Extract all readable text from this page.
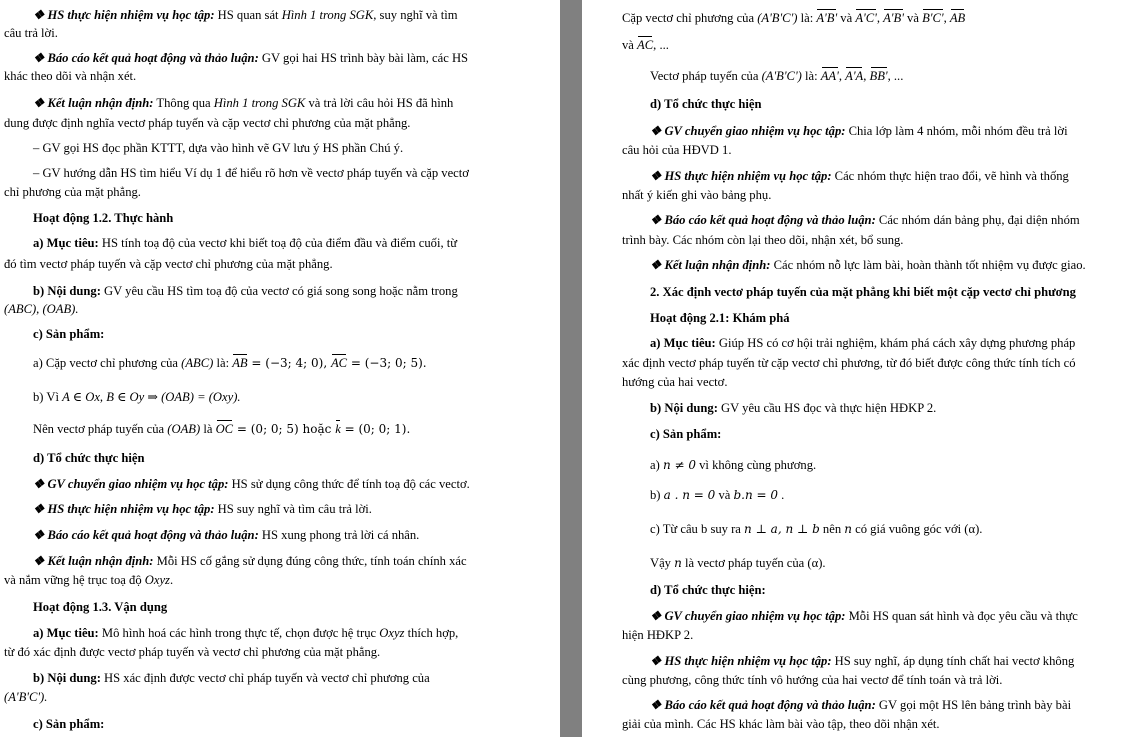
❖ HS thực hiện nhiệm vụ học tập: HS quan sát Hình 1 trong SGK, suy nghĩ và tìm
câu trả lời.
❖ Báo cáo kết quả hoạt động và thảo luận: GV gọi hai HS trình bày bài làm, các HS
khác theo dõi và nhận xét.
❖ Kết luận nhận định: Thông qua Hình 1 trong SGK và trả lời câu hỏi HS đã hình
dung được định nghĩa vectơ pháp tuyến và cặp vectơ chỉ phương của mặt phẳng.
– GV gọi HS đọc phần KTTT, dựa vào hình vẽ GV lưu ý HS phần Chú ý.
– GV hướng dẫn HS tìm hiểu Ví dụ 1 để hiểu rõ hơn về vectơ pháp tuyến và cặp vectơ
chỉ phương của mặt phẳng.
Hoạt động 1.2. Thực hành
a) Mục tiêu: HS tính toạ độ của vectơ khi biết toạ độ của điểm đầu và điểm cuối, từ
đó tìm vectơ pháp tuyến và cặp vectơ chỉ phương của mặt phẳng.
b) Nội dung: GV yêu cầu HS tìm toạ độ của vectơ có giá song song hoặc nằm trong
(ABC), (OAB).
c) Sản phẩm:
a) Cặp vectơ chỉ phương của (ABC) là: AB = (−3; 4; 0), AC = (−3; 0; 5).
b) Vì A ∈ Ox, B ∈ Oy ⇒ (OAB) = (Oxy).
Nên vectơ pháp tuyến của (OAB) là OC = (0; 0; 5) hoặc k = (0; 0; 1).
d) Tổ chức thực hiện
❖ GV chuyển giao nhiệm vụ học tập: HS sử dụng công thức để tính toạ độ các vectơ.
❖ HS thực hiện nhiệm vụ học tập: HS suy nghĩ và tìm câu trả lời.
❖ Báo cáo kết quả hoạt động và thảo luận: HS xung phong trả lời cá nhân.
❖ Kết luận nhận định: Mỗi HS cố gắng sử dụng đúng công thức, tính toán chính xác
và nắm vững hệ trục toạ độ Oxyz.
Hoạt động 1.3. Vận dụng
a) Mục tiêu: Mô hình hoá các hình trong thực tế, chọn được hệ trục Oxyz thích hợp,
từ đó xác định được vectơ pháp tuyến và vectơ chỉ phương của mặt phẳng.
b) Nội dung: HS xác định được vectơ chỉ pháp tuyến và vectơ chỉ phương của
(A'B'C').
c) Sản phẩm:
Cặp vectơ chỉ phương của (A'B'C') là: A'B' và A'C', A'B' và B'C', AB
và AC, ...
Vectơ pháp tuyến của (A'B'C') là: AA', A'A, BB', ...
d) Tổ chức thực hiện
❖ GV chuyển giao nhiệm vụ học tập: Chia lớp làm 4 nhóm, mỗi nhóm đều trả lời
câu hỏi của HĐVD 1.
❖ HS thực hiện nhiệm vụ học tập: Các nhóm thực hiện trao đổi, vẽ hình và thống
nhất ý kiến ghi vào bảng phụ.
❖ Báo cáo kết quả hoạt động và thảo luận: Các nhóm dán bảng phụ, đại diện nhóm
trình bày. Các nhóm còn lại theo dõi, nhận xét, bổ sung.
❖ Kết luận nhận định: Các nhóm nỗ lực làm bài, hoàn thành tốt nhiệm vụ được giao.
2. Xác định vectơ pháp tuyến của mặt phẳng khi biết một cặp vectơ chỉ phương
Hoạt động 2.1: Khám phá
a) Mục tiêu: Giúp HS có cơ hội trải nghiệm, khám phá cách xây dựng phương pháp
xác định vectơ pháp tuyến từ cặp vectơ chỉ phương, từ đó biết được công thức tính tích có
hướng của hai vectơ.
b) Nội dung: GV yêu cầu HS đọc và thực hiện HĐKP 2.
c) Sản phẩm:
a) n ≠ 0 vì không cùng phương.
b) a . n = 0 và b.n = 0 .
c) Từ câu b suy ra n ⊥ a, n ⊥ b nên n có giá vuông góc với (α).
Vậy n là vectơ pháp tuyến của (α).
d) Tổ chức thực hiện:
❖ GV chuyển giao nhiệm vụ học tập: Mỗi HS quan sát hình và đọc yêu cầu và thực
hiện HĐKP 2.
❖ HS thực hiện nhiệm vụ học tập: HS suy nghĩ, áp dụng tính chất hai vectơ không
cùng phương, công thức tính vô hướng của hai vectơ để tính toán và trả lời.
❖ Báo cáo kết quả hoạt động và thảo luận: GV gọi một HS lên bảng trình bày bài
giải của mình. Các HS khác làm bài vào tập, theo dõi nhận xét.
